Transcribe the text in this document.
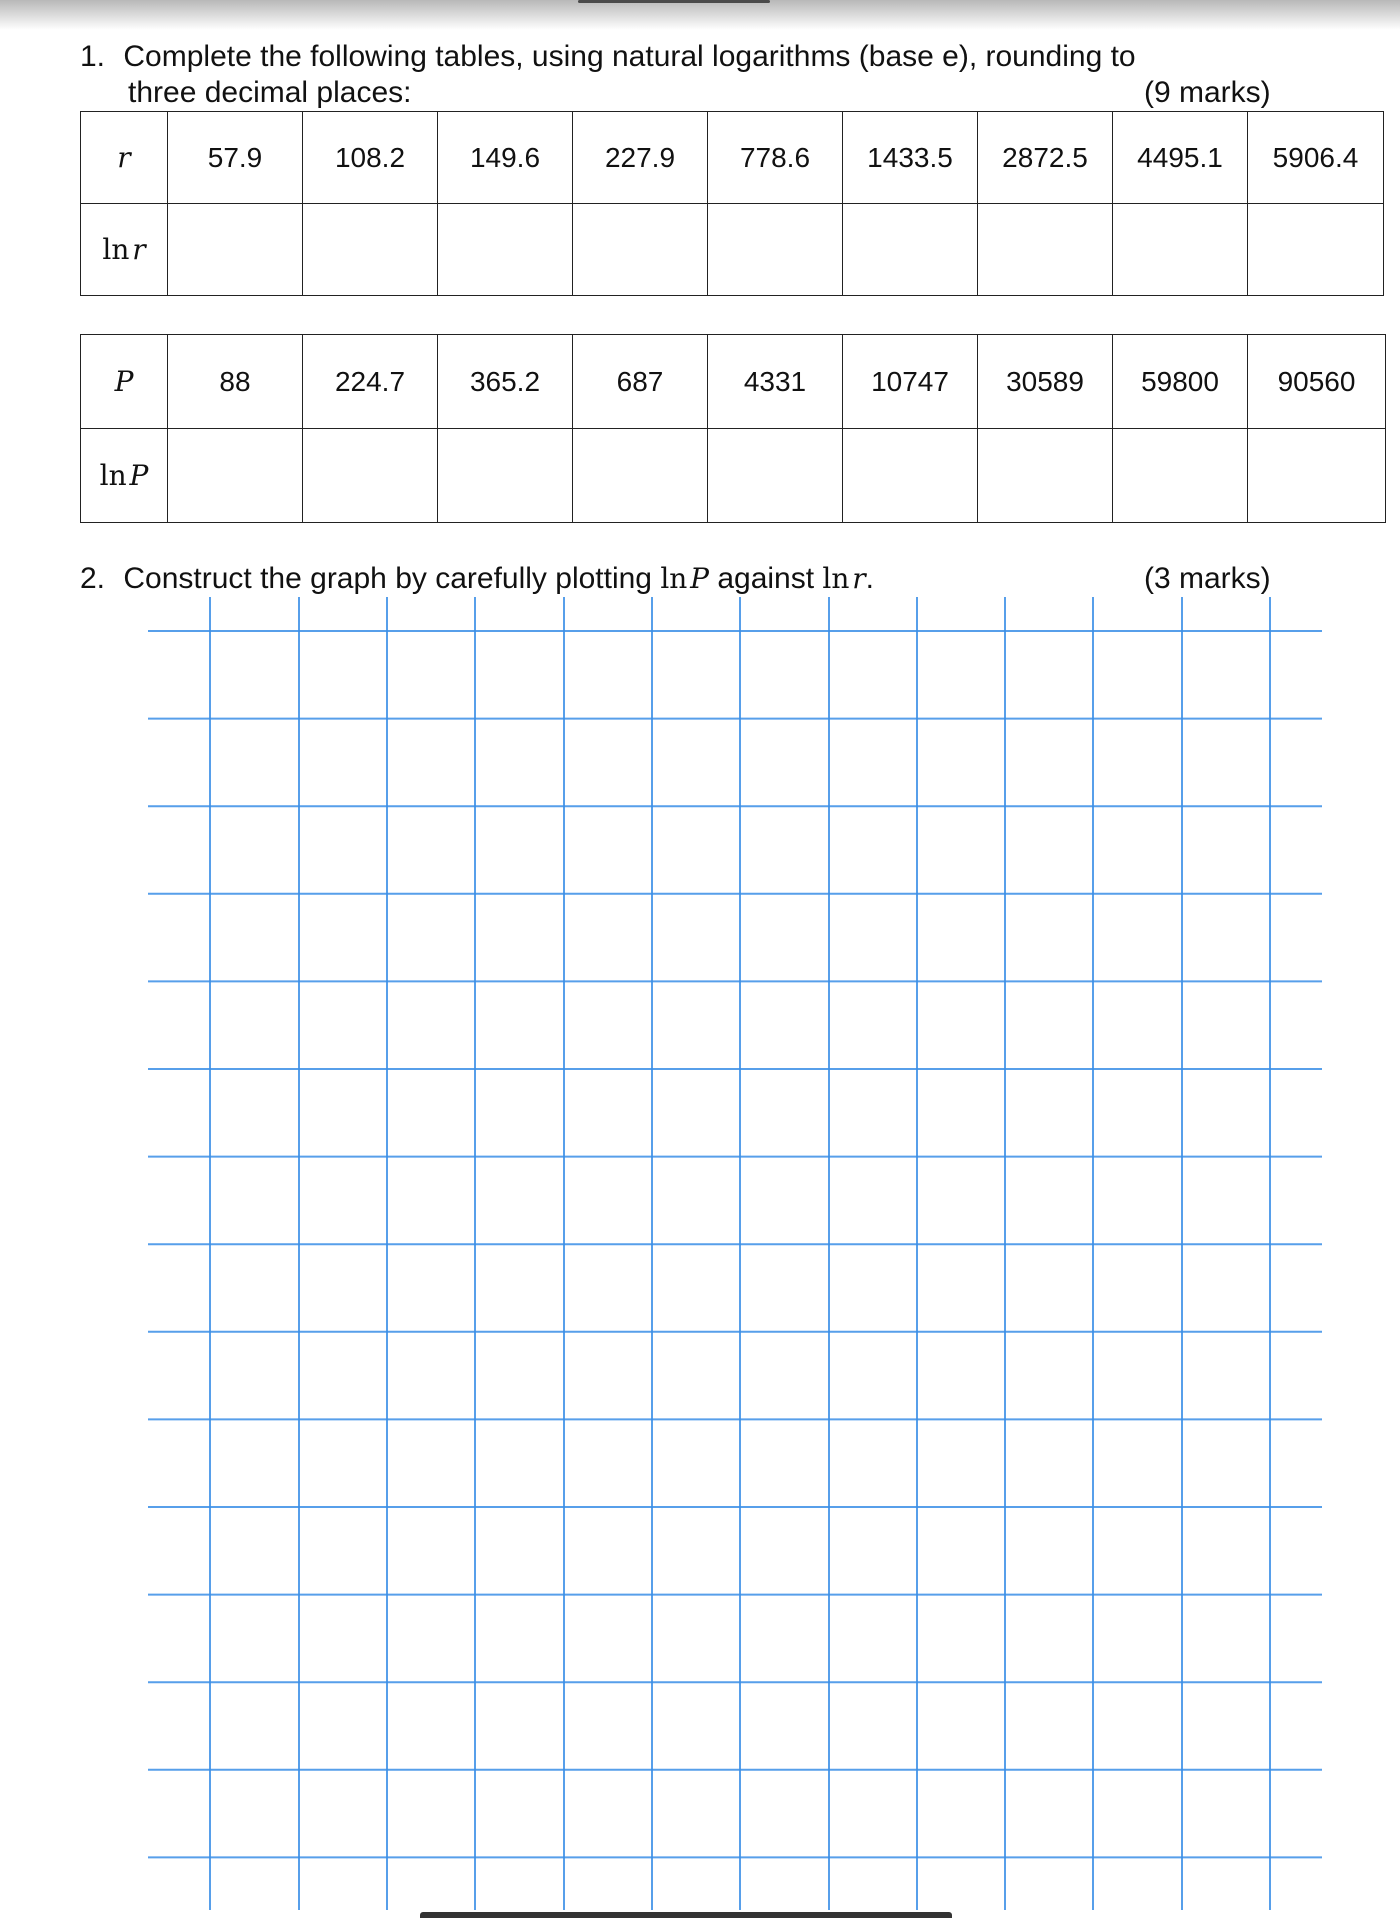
1. Complete the following tables, using natural logarithms (base e), rounding to
three decimal places:	(9 marks)
r	57.9	108.2	149.6	227.9	778.6	1433.5	2872.5	4495.1	5906.4
ln r									
P	88	224.7	365.2	687	4331	10747	30589	59800	90560
ln P									
2. Construct the graph by carefully plotting ln P against ln r.	(3 marks)
